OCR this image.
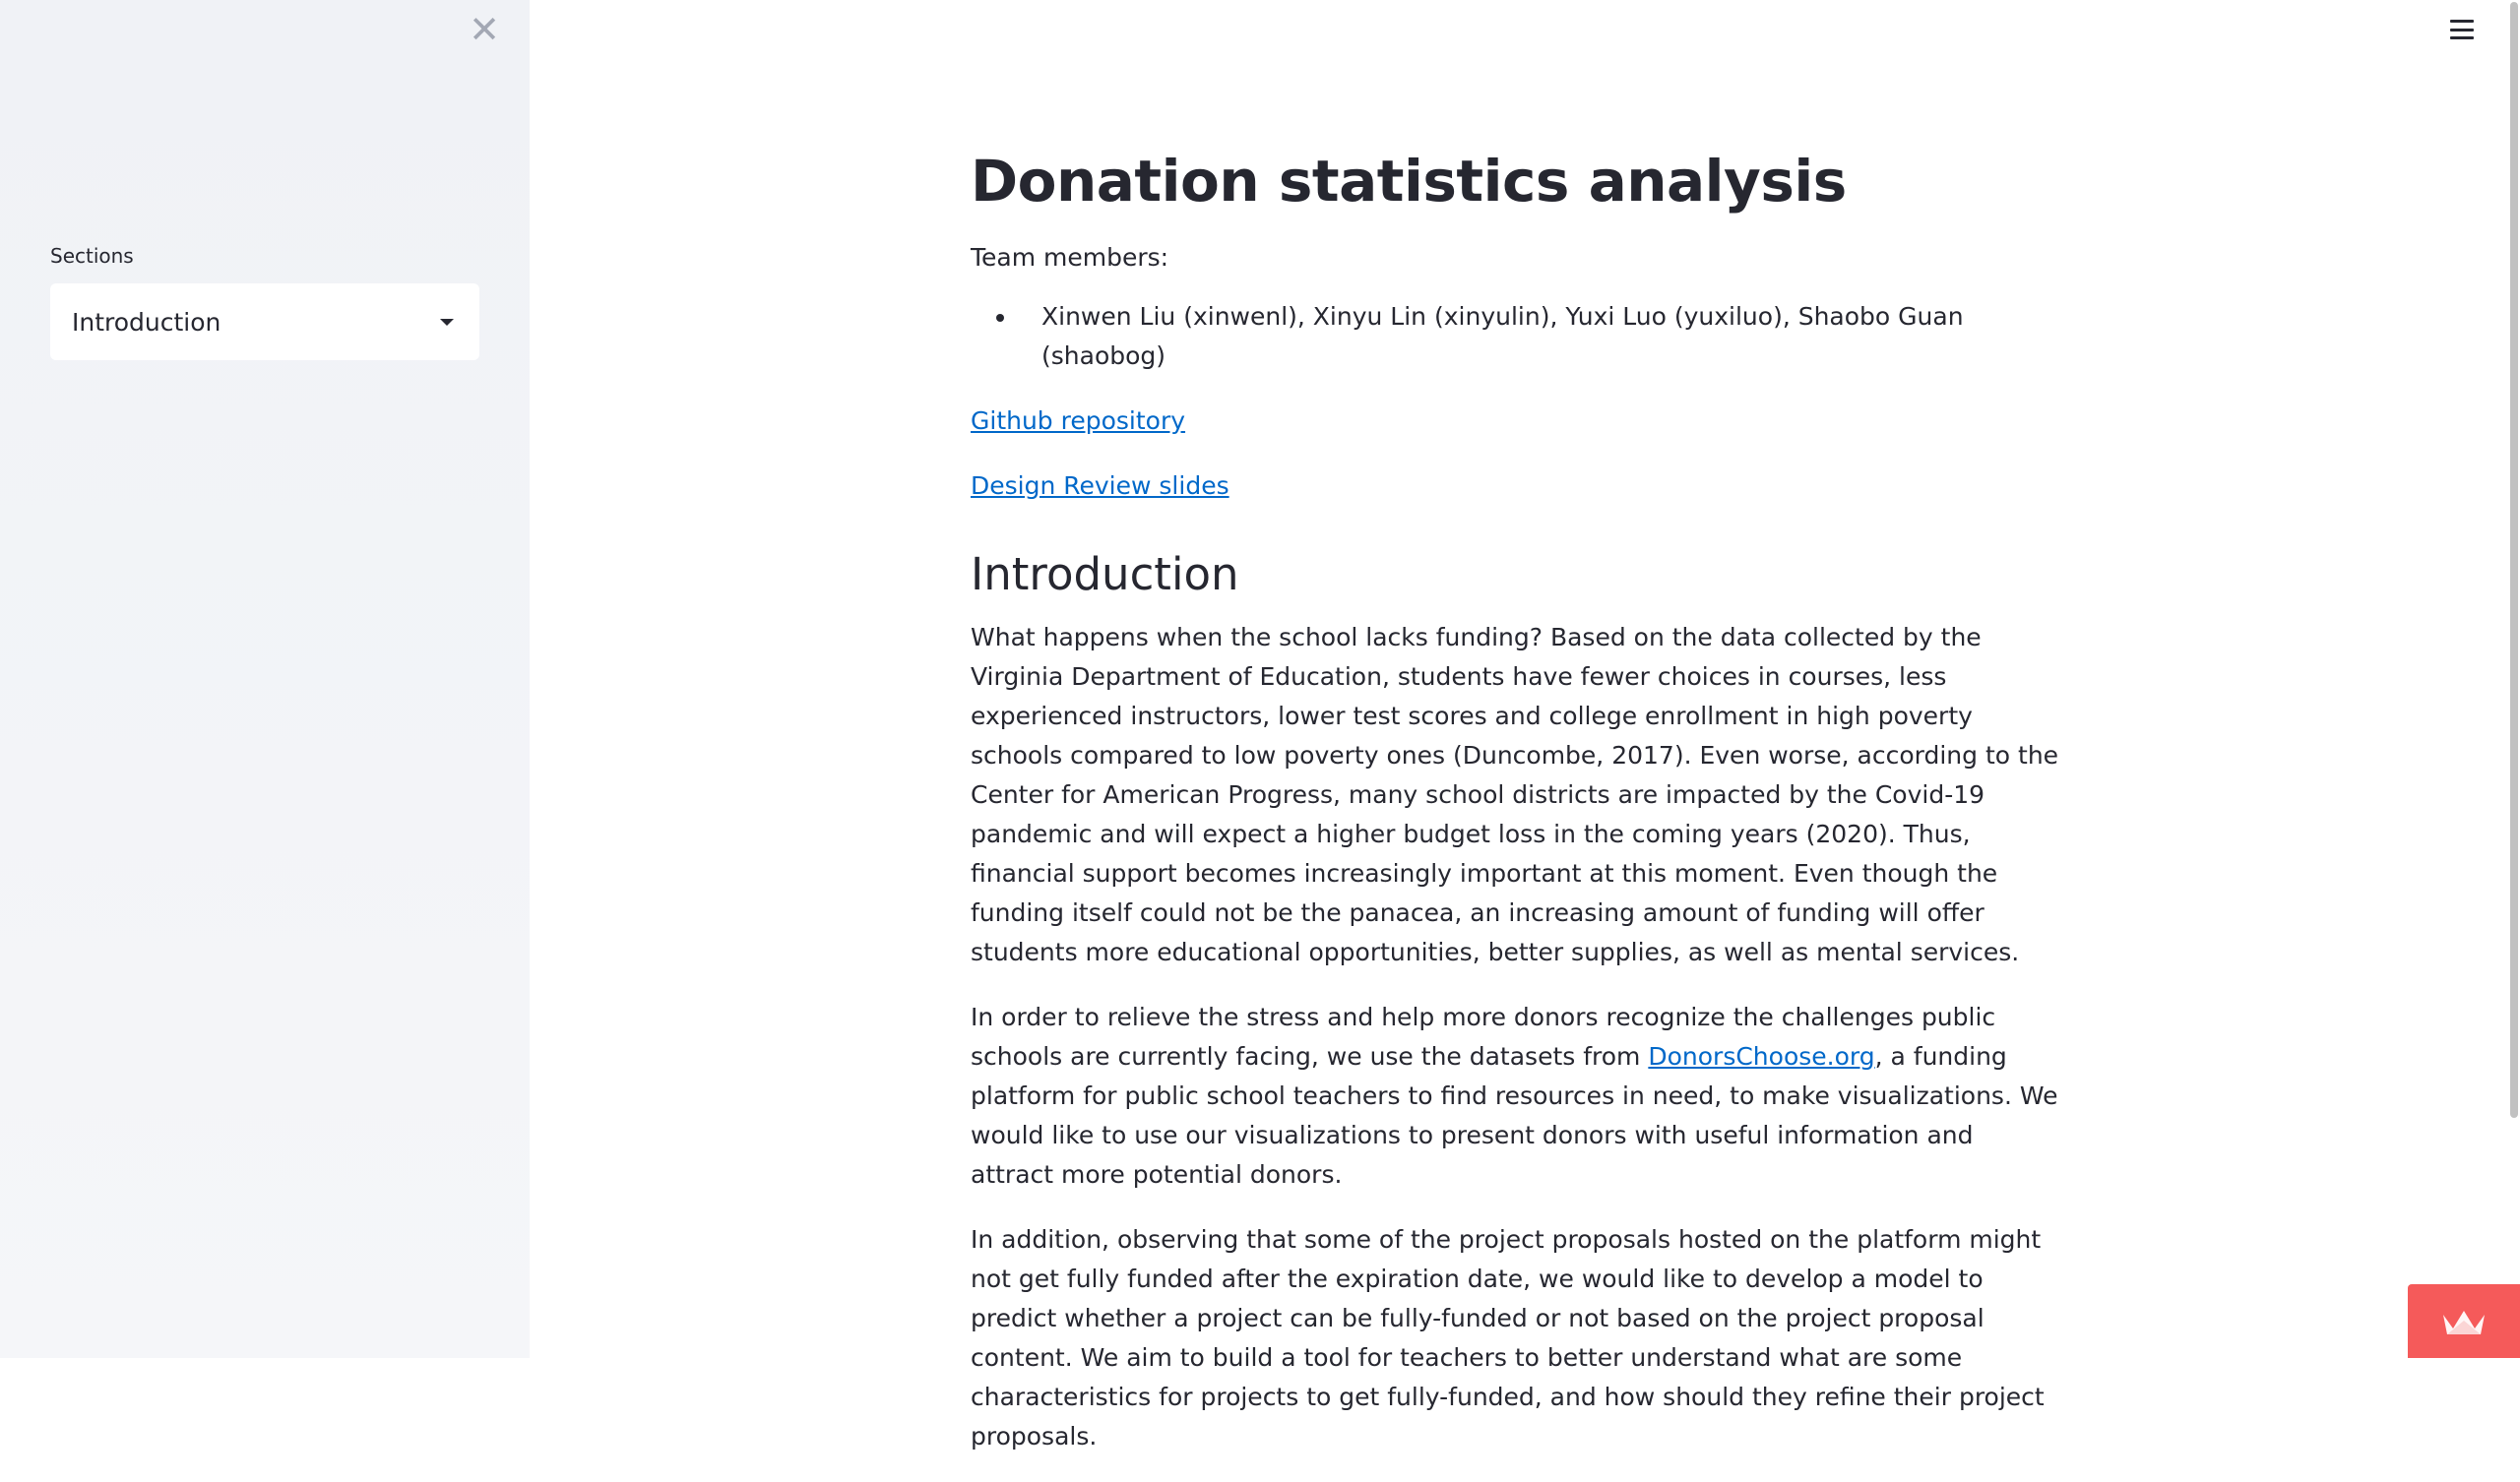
✕
Sections
Introduction
Donation statistics analysis

Team members:

Xinwen Liu (xinwenl), Xinyu Lin (xinyulin), Yuxi Luo (yuxiluo), Shaobo Guan (shaobog)

Github repository

Design Review slides

Introduction

What happens when the school lacks funding? Based on the data collected by the Virginia Department of Education, students have fewer choices in courses, less experienced instructors, lower test scores and college enrollment in high poverty schools compared to low poverty ones (Duncombe, 2017). Even worse, according to the Center for American Progress, many school districts are impacted by the Covid-19 pandemic and will expect a higher budget loss in the coming years (2020). Thus, financial support becomes increasingly important at this moment. Even though the funding itself could not be the panacea, an increasing amount of funding will offer students more educational opportunities, better supplies, as well as mental services.

In order to relieve the stress and help more donors recognize the challenges public schools are currently facing, we use the datasets from DonorsChoose.org, a funding platform for public school teachers to find resources in need, to make visualizations. We would like to use our visualizations to present donors with useful information and attract more potential donors.

In addition, observing that some of the project proposals hosted on the platform might not get fully funded after the expiration date, we would like to develop a model to predict whether a project can be fully-funded or not based on the project proposal content. We aim to build a tool for teachers to better understand what are some characteristics for projects to get fully-funded, and how should they refine their project proposals.
